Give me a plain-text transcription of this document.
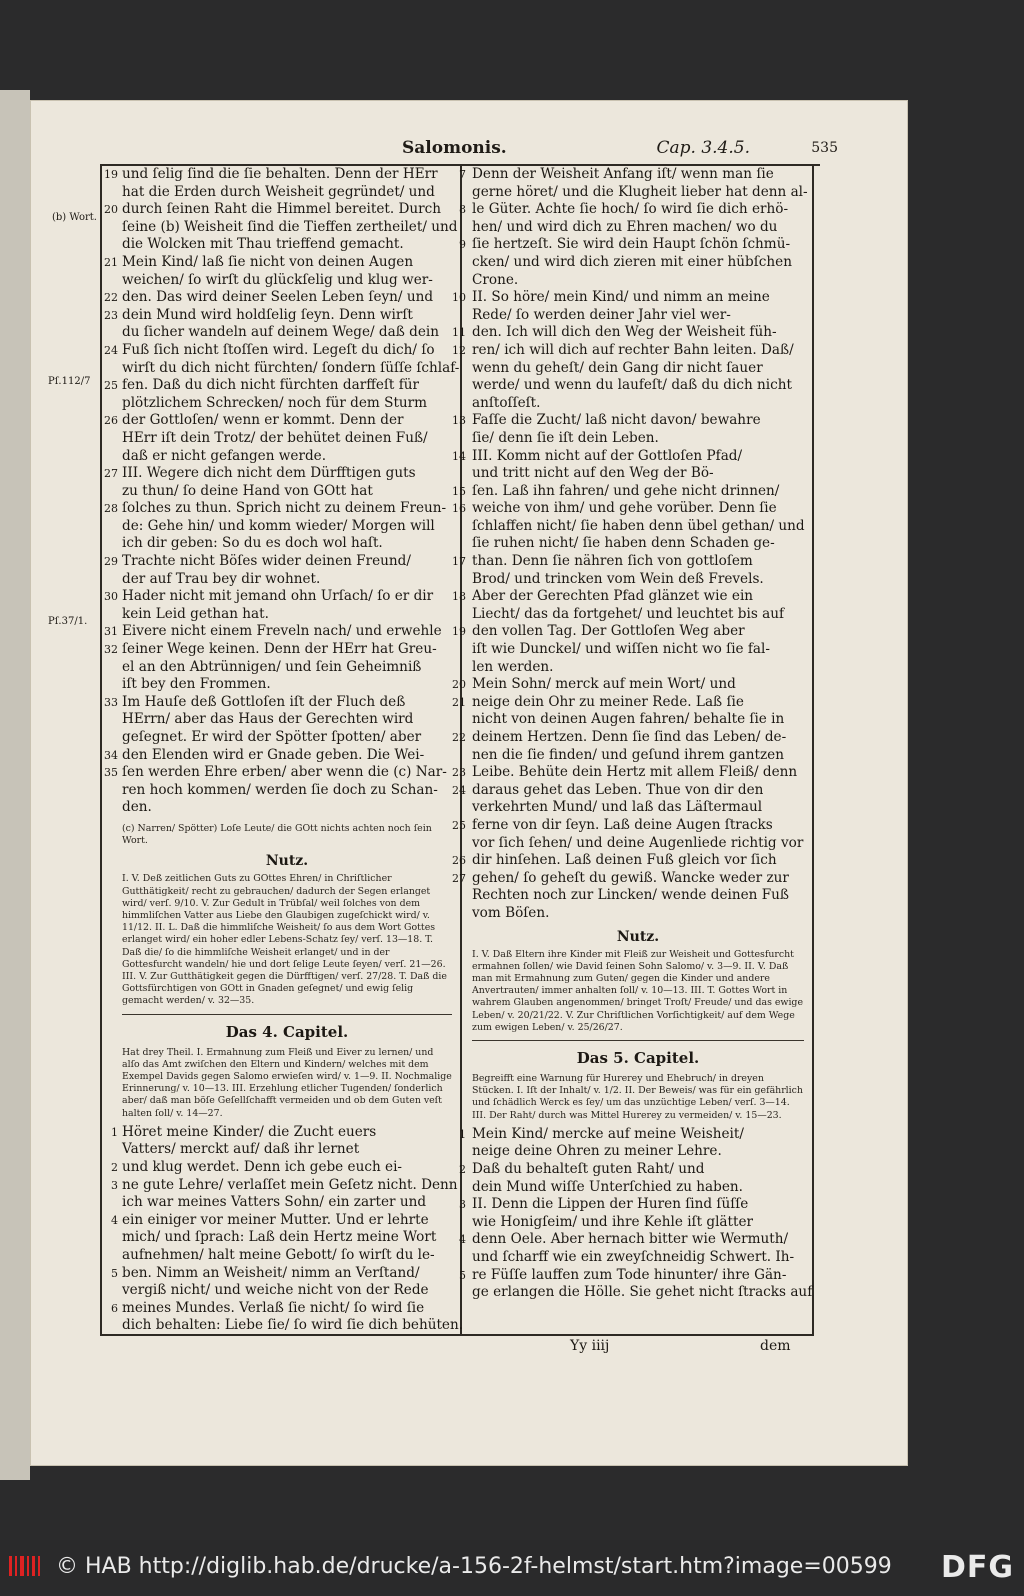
Salomonis.	Cap. 3.4.5.	535
(b) Wort.
Pſ.112/7
Pſ.37/1.
19 und ſelig ſind die ſie behalten. Denn der HErr
hat die Erden durch Weisheit gegründet/ und
20 durch ſeinen Raht die Himmel bereitet. Durch
ſeine (b) Weisheit ſind die Tieffen zertheilet/ und
die Wolcken mit Thau trieffend gemacht.
21 Mein Kind/ laß ſie nicht von deinen Augen
weichen/ ſo wirſt du glückſelig und klug wer-
22 den. Das wird deiner Seelen Leben ſeyn/ und
23 dein Mund wird holdſelig ſeyn. Denn wirſt
du ſicher wandeln auf deinem Wege/ daß dein
24 Fuß ſich nicht ſtoſſen wird. Legeſt du dich/ ſo
wirſt du dich nicht fürchten/ ſondern ſüſſe ſchlaf-
25 fen. Daß du dich nicht fürchten darffeſt für
plötzlichem Schrecken/ noch für dem Sturm
26 der Gottloſen/ wenn er kommt. Denn der
HErr iſt dein Trotz/ der behütet deinen Fuß/
daß er nicht gefangen werde.
27 III. Wegere dich nicht dem Dürfftigen guts
zu thun/ ſo deine Hand von GOtt hat
28 ſolches zu thun. Sprich nicht zu deinem Freun-
de: Gehe hin/ und komm wieder/ Morgen will
ich dir geben: So du es doch wol haſt.
29 Trachte nicht Böſes wider deinen Freund/
der auf Trau bey dir wohnet.
30 Hader nicht mit jemand ohn Urſach/ ſo er dir
kein Leid gethan hat.
31 Eivere nicht einem Freveln nach/ und erwehle
32 ſeiner Wege keinen. Denn der HErr hat Greu-
el an den Abtrünnigen/ und ſein Geheimniß
iſt bey den Frommen.
33 Im Hauſe deß Gottloſen iſt der Fluch deß
HErrn/ aber das Haus der Gerechten wird
geſegnet. Er wird der Spötter ſpotten/ aber
34 den Elenden wird er Gnade geben. Die Wei-
35 ſen werden Ehre erben/ aber wenn die (c) Nar-
ren hoch kommen/ werden ſie doch zu Schan-
den.
(c) Narren/ Spötter) Loſe Leute/ die GOtt nichts achten noch ſein Wort.
Nutz.
I. V. Deß zeitlichen Guts zu GOttes Ehren/ in Chriſtlicher Gutthätigkeit/ recht zu gebrauchen/ dadurch der Segen erlanget wird/ verſ. 9/10. V. Zur Gedult in Trübſal/ weil ſolches von dem himmliſchen Vatter aus Liebe den Glaubigen zugeſchickt wird/ v. 11/12. II. L. Daß die himmliſche Weisheit/ ſo aus dem Wort Gottes erlanget wird/ ein hoher edler Lebens-Schatz ſey/ verſ. 13—18. T. Daß die/ ſo die himmliſche Weisheit erlanget/ und in der Gottesfurcht wandeln/ hie und dort ſelige Leute ſeyen/ verſ. 21—26. III. V. Zur Gutthätigkeit gegen die Dürfftigen/ verſ. 27/28. T. Daß die Gottsfürchtigen von GOtt in Gnaden geſegnet/ und ewig ſelig gemacht werden/ v. 32—35.
Das 4. Capitel.
Hat drey Theil. I. Ermahnung zum Fleiß und Eiver zu lernen/ und alſo das Amt zwiſchen den Eltern und Kindern/ welches mit dem Exempel Davids gegen Salomo erwieſen wird/ v. 1—9. II. Nochmalige Erinnerung/ v. 10—13. III. Erzehlung etlicher Tugenden/ ſonderlich aber/ daß man böſe Geſellſchafft vermeiden und ob dem Guten veſt halten ſoll/ v. 14—27.
1 Höret meine Kinder/ die Zucht euers
Vatters/ merckt auf/ daß ihr lernet
2 und klug werdet. Denn ich gebe euch ei-
3 ne gute Lehre/ verlaſſet mein Geſetz nicht. Denn
ich war meines Vatters Sohn/ ein zarter und
4 ein einiger vor meiner Mutter. Und er lehrte
mich/ und ſprach: Laß dein Hertz meine Wort
aufnehmen/ halt meine Gebott/ ſo wirſt du le-
5 ben. Nimm an Weisheit/ nimm an Verſtand/
vergiß nicht/ und weiche nicht von der Rede
6 meines Mundes. Verlaß ſie nicht/ ſo wird ſie
dich behalten: Liebe ſie/ ſo wird ſie dich behüten.
7 Denn der Weisheit Anfang iſt/ wenn man ſie
gerne höret/ und die Klugheit lieber hat denn al-
8 le Güter. Achte ſie hoch/ ſo wird ſie dich erhö-
hen/ und wird dich zu Ehren machen/ wo du
9 ſie hertzeſt. Sie wird dein Haupt ſchön ſchmü-
cken/ und wird dich zieren mit einer hübſchen
Crone.
10 II. So höre/ mein Kind/ und nimm an meine
Rede/ ſo werden deiner Jahr viel wer-
11 den. Ich will dich den Weg der Weisheit füh-
12 ren/ ich will dich auf rechter Bahn leiten. Daß/
wenn du geheſt/ dein Gang dir nicht ſauer
werde/ und wenn du laufeſt/ daß du dich nicht
anſtoſſeſt.
13 Faſſe die Zucht/ laß nicht davon/ bewahre
ſie/ denn ſie iſt dein Leben.
14 III. Komm nicht auf der Gottloſen Pfad/
und tritt nicht auf den Weg der Bö-
15 ſen. Laß ihn fahren/ und gehe nicht drinnen/
16 weiche von ihm/ und gehe vorüber. Denn ſie
ſchlaffen nicht/ ſie haben denn übel gethan/ und
ſie ruhen nicht/ ſie haben denn Schaden ge-
17 than. Denn ſie nähren ſich von gottloſem
Brod/ und trincken vom Wein deß Frevels.
18 Aber der Gerechten Pfad glänzet wie ein
Liecht/ das da fortgehet/ und leuchtet bis auf
19 den vollen Tag. Der Gottloſen Weg aber
iſt wie Dunckel/ und wiſſen nicht wo ſie fal-
len werden.
20 Mein Sohn/ merck auf mein Wort/ und
21 neige dein Ohr zu meiner Rede. Laß ſie
nicht von deinen Augen fahren/ behalte ſie in
22 deinem Hertzen. Denn ſie ſind das Leben/ de-
nen die ſie finden/ und geſund ihrem gantzen
23 Leibe. Behüte dein Hertz mit allem Fleiß/ denn
24 daraus gehet das Leben. Thue von dir den
verkehrten Mund/ und laß das Läſtermaul
25 ferne von dir ſeyn. Laß deine Augen ſtracks
vor ſich ſehen/ und deine Augenliede richtig vor
26 dir hinſehen. Laß deinen Fuß gleich vor ſich
27 gehen/ ſo geheſt du gewiß. Wancke weder zur
Rechten noch zur Lincken/ wende deinen Fuß
vom Böſen.
Nutz.
I. V. Daß Eltern ihre Kinder mit Fleiß zur Weisheit und Gottesfurcht ermahnen ſollen/ wie David ſeinen Sohn Salomo/ v. 3—9. II. V. Daß man mit Ermahnung zum Guten/ gegen die Kinder und andere Anvertrauten/ immer anhalten ſoll/ v. 10—13. III. T. Gottes Wort in wahrem Glauben angenommen/ bringet Troſt/ Freude/ und das ewige Leben/ v. 20/21/22. V. Zur Chriſtlichen Vorſichtigkeit/ auf dem Wege zum ewigen Leben/ v. 25/26/27.
Das 5. Capitel.
Begreifft eine Warnung für Hurerey und Ehebruch/ in dreyen Stücken. I. Iſt der Inhalt/ v. 1/2. II. Der Beweis/ was für ein gefährlich und ſchädlich Werck es ſey/ um das unzüchtige Leben/ verſ. 3—14. III. Der Raht/ durch was Mittel Hurerey zu vermeiden/ v. 15—23.
1 Mein Kind/ mercke auf meine Weisheit/
neige deine Ohren zu meiner Lehre.
2 Daß du behalteſt guten Raht/ und
dein Mund wiſſe Unterſchied zu haben.
3 II. Denn die Lippen der Huren ſind ſüſſe
wie Honigſeim/ und ihre Kehle iſt glätter
4 denn Oele. Aber hernach bitter wie Wermuth/
und ſcharff wie ein zweyſchneidig Schwert. Ih-
5 re Füſſe lauffen zum Tode hinunter/ ihre Gän-
ge erlangen die Hölle. Sie gehet nicht ſtracks auf
Yy iiij	dem
© HAB http://diglib.hab.de/drucke/a-156-2f-helmst/start.htm?image=00599 DFG
